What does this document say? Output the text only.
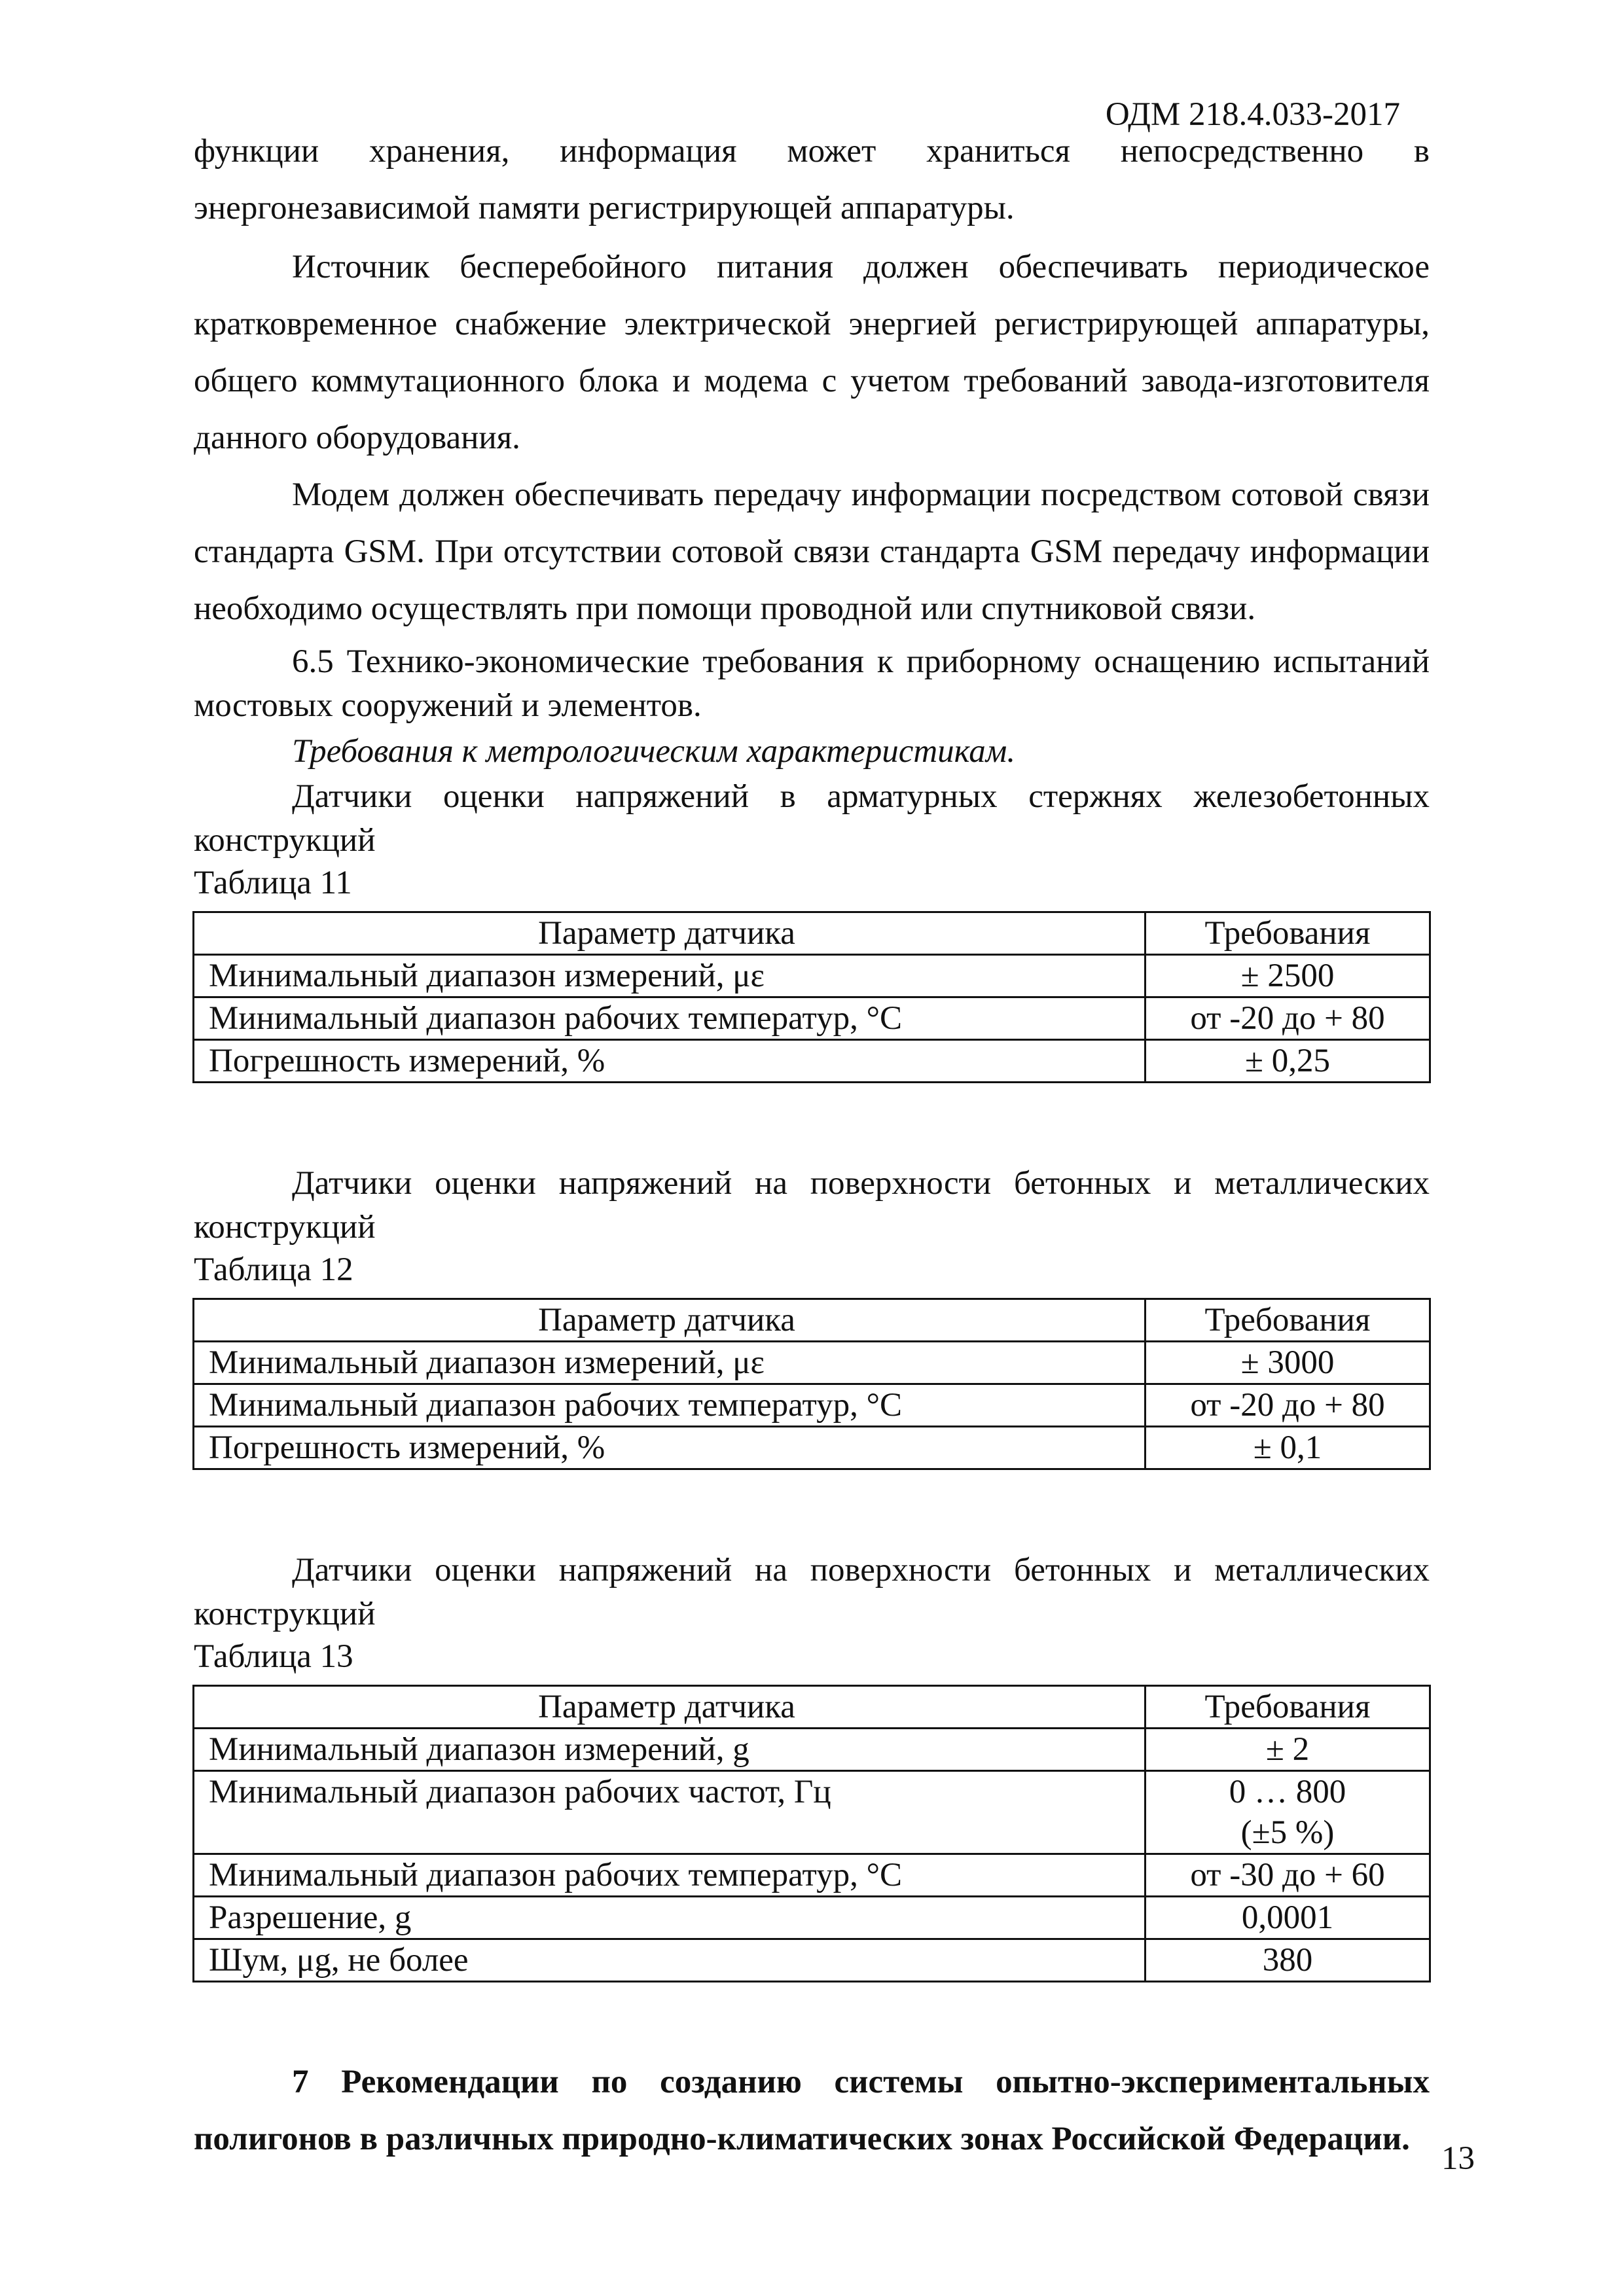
ОДМ 218.4.033-2017
функции хранения, информация может храниться непосредственно в
энергонезависимой памяти регистрирующей аппаратуры.
Источник бесперебойного питания должен обеспечивать периодическое кратковременное снабжение электрической энергией регистрирующей аппаратуры, общего коммутационного блока и модема с учетом требований завода-изготовителя данного оборудования.
Модем должен обеспечивать передачу информации посредством сотовой связи стандарта GSM. При отсутствии сотовой связи стандарта GSM передачу информации необходимо осуществлять при помощи проводной или спутниковой связи.
6.5 Технико-экономические требования к приборному оснащению испытаний мостовых сооружений и элементов.
Требования к метрологическим характеристикам.
Датчики оценки напряжений в арматурных стержнях железобетонных конструкций
Таблица 11
Параметр датчика	Требования
Минимальный диапазон измерений, με	± 2500
Минимальный диапазон рабочих температур, °С	от -20 до + 80
Погрешность измерений, %	± 0,25
Датчики оценки напряжений на поверхности бетонных и металлических конструкций
Таблица 12
Параметр датчика	Требования
Минимальный диапазон измерений, με	± 3000
Минимальный диапазон рабочих температур, °С	от -20 до + 80
Погрешность измерений, %	± 0,1
Датчики оценки напряжений на поверхности бетонных и металлических конструкций
Таблица 13
Параметр датчика	Требования
Минимальный диапазон измерений, g	± 2
Минимальный диапазон рабочих частот, Гц	0 … 800 (±5 %)

Минимальный диапазон рабочих температур, °С	от -30 до + 60
Разрешение, g	0,0001
Шум, μg, не более	380
7 Рекомендации по созданию системы опытно-экспериментальных полигонов в различных природно-климатических зонах Российской Федерации.
13
